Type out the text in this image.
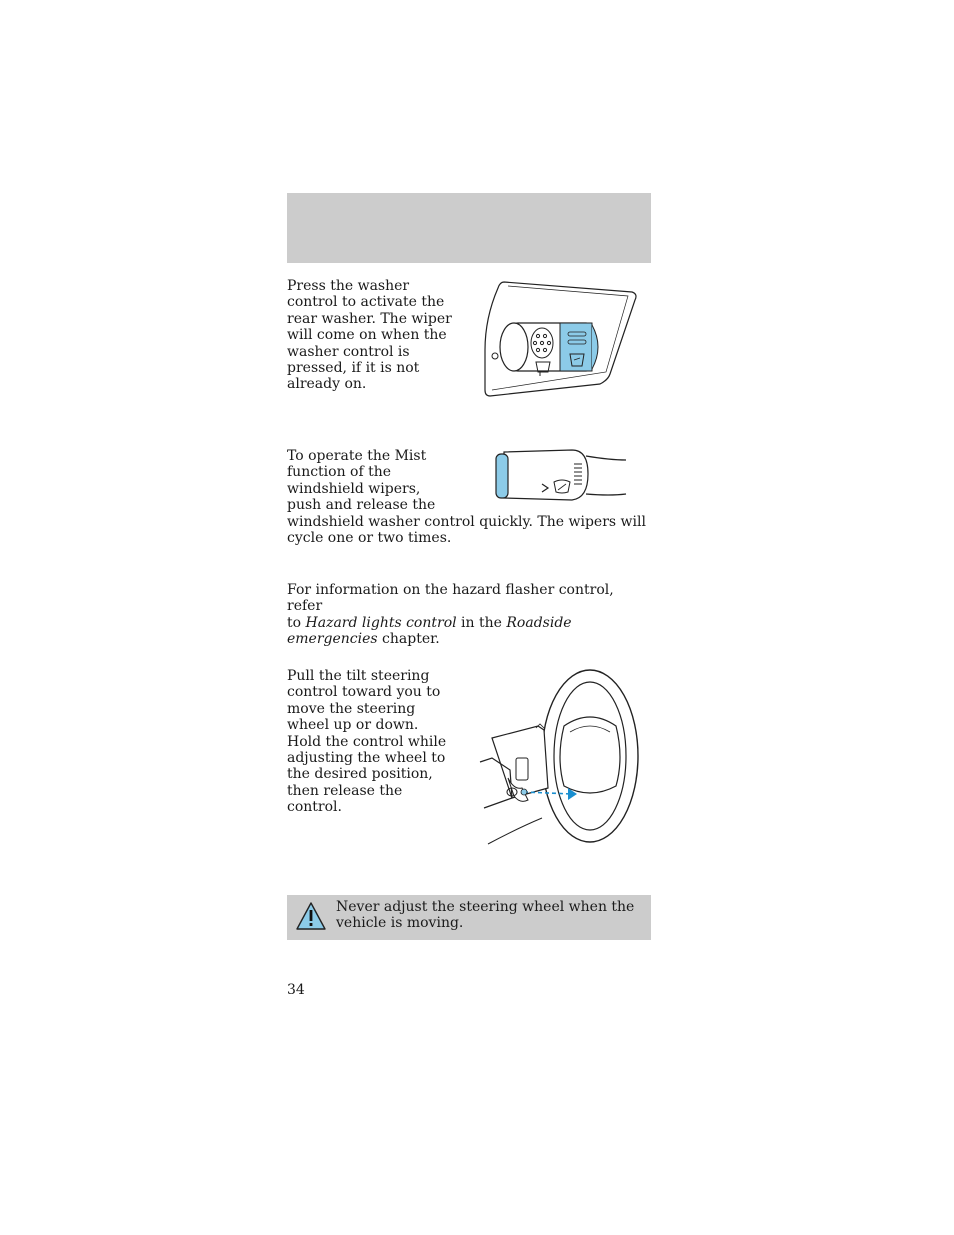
Press the washer
control to activate the
rear washer. The wiper
will come on when the
washer control is
pressed, if it is not
already on.

To operate the Mist
function of the
windshield wipers,
push and release the
windshield washer control quickly. The wipers will
cycle one or two times.

For information on the hazard flasher control, refer
to Hazard lights control in the Roadside
emergencies chapter.

Pull the tilt steering
control toward you to
move the steering
wheel up or down.
Hold the control while
adjusting the wheel to
the desired position,
then release the
control.

Never adjust the steering wheel when the
vehicle is moving.

34
